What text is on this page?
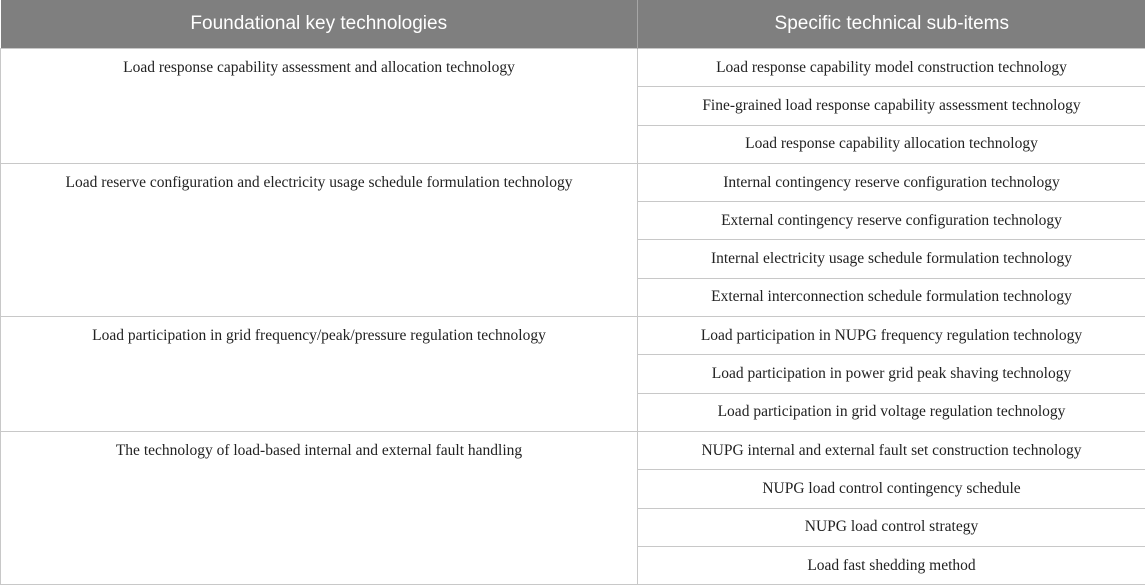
Foundational key technologies	Specific technical sub-items
Load response capability assessment and allocation technology	Load response capability model construction technology
	Fine-grained load response capability assessment technology
	Load response capability allocation technology
Load reserve configuration and electricity usage schedule formulation technology	Internal contingency reserve configuration technology
	External contingency reserve configuration technology
	Internal electricity usage schedule formulation technology
	External interconnection schedule formulation technology
Load participation in grid frequency/peak/pressure regulation technology	Load participation in NUPG frequency regulation technology
	Load participation in power grid peak shaving technology
	Load participation in grid voltage regulation technology
The technology of load-based internal and external fault handling	NUPG internal and external fault set construction technology
	NUPG load control contingency schedule
	NUPG load control strategy
	Load fast shedding method
